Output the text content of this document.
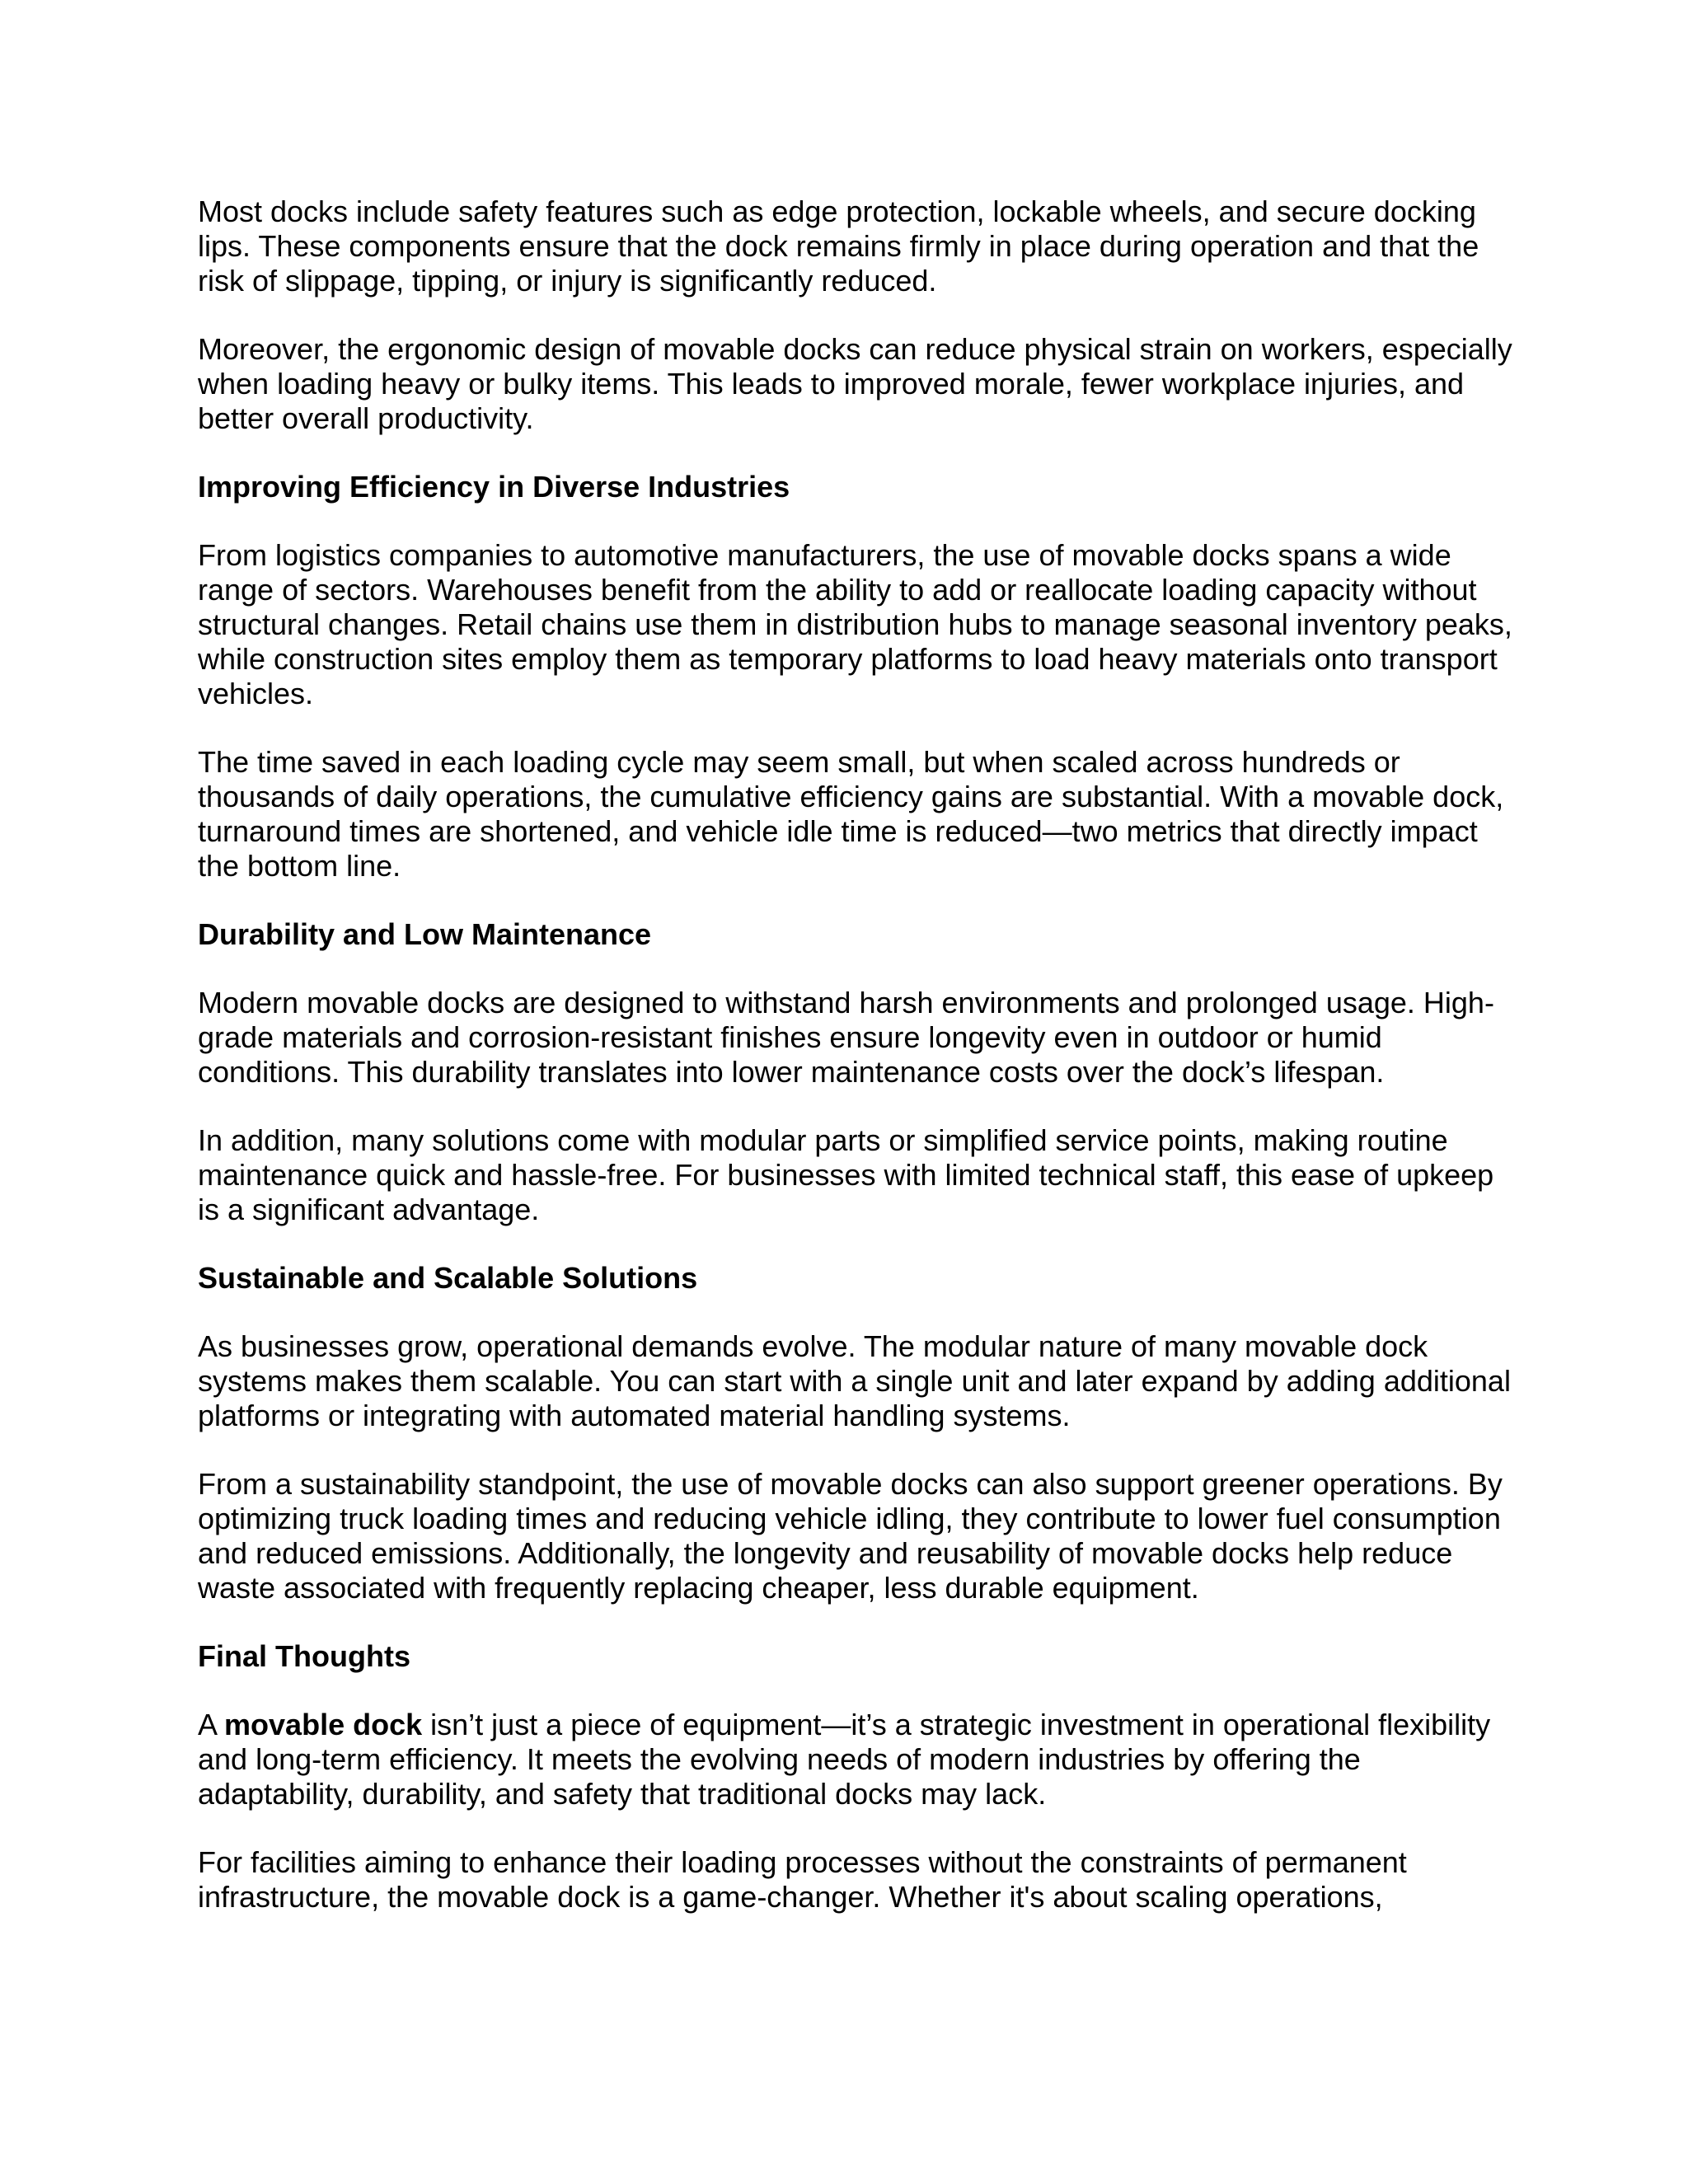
Most docks include safety features such as edge protection, lockable wheels, and secure docking lips. These components ensure that the dock remains firmly in place during operation and that the risk of slippage, tipping, or injury is significantly reduced.

Moreover, the ergonomic design of movable docks can reduce physical strain on workers, especially when loading heavy or bulky items. This leads to improved morale, fewer workplace injuries, and better overall productivity.

Improving Efficiency in Diverse Industries

From logistics companies to automotive manufacturers, the use of movable docks spans a wide range of sectors. Warehouses benefit from the ability to add or reallocate loading capacity without structural changes. Retail chains use them in distribution hubs to manage seasonal inventory peaks, while construction sites employ them as temporary platforms to load heavy materials onto transport vehicles.

The time saved in each loading cycle may seem small, but when scaled across hundreds or thousands of daily operations, the cumulative efficiency gains are substantial. With a movable dock, turnaround times are shortened, and vehicle idle time is reduced—two metrics that directly impact the bottom line.

Durability and Low Maintenance

Modern movable docks are designed to withstand harsh environments and prolonged usage. High-grade materials and corrosion-resistant finishes ensure longevity even in outdoor or humid conditions. This durability translates into lower maintenance costs over the dock’s lifespan.

In addition, many solutions come with modular parts or simplified service points, making routine maintenance quick and hassle-free. For businesses with limited technical staff, this ease of upkeep is a significant advantage.

Sustainable and Scalable Solutions

As businesses grow, operational demands evolve. The modular nature of many movable dock systems makes them scalable. You can start with a single unit and later expand by adding additional platforms or integrating with automated material handling systems.

From a sustainability standpoint, the use of movable docks can also support greener operations. By optimizing truck loading times and reducing vehicle idling, they contribute to lower fuel consumption and reduced emissions. Additionally, the longevity and reusability of movable docks help reduce waste associated with frequently replacing cheaper, less durable equipment.

Final Thoughts

A movable dock isn’t just a piece of equipment—it’s a strategic investment in operational flexibility and long-term efficiency. It meets the evolving needs of modern industries by offering the adaptability, durability, and safety that traditional docks may lack.

For facilities aiming to enhance their loading processes without the constraints of permanent infrastructure, the movable dock is a game-changer. Whether it's about scaling operations,
